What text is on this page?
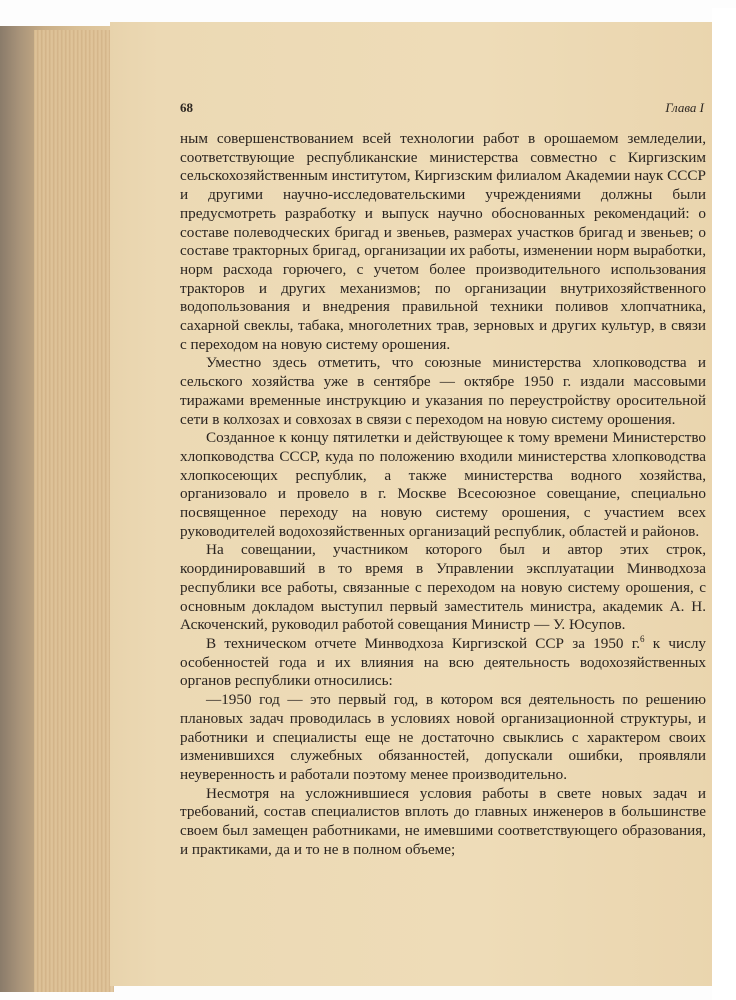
68	Глава I

ным совершенствованием всей технологии работ в орошаемом земледелии, соответствующие республиканские министерства совместно с Киргизским сельскохозяйственным институтом, Киргизским филиалом Академии наук СССР и другими научно-исследовательскими учреждениями должны были предусмотреть разработку и выпуск научно обоснованных рекомендаций: о составе полеводческих бригад и звеньев, размерах участков бригад и звеньев; о составе тракторных бригад, организации их работы, изменении норм выработки, норм расхода горючего, с учетом более производительного использования тракторов и других механизмов; по организации внутрихозяйственного водопользования и внедрения правильной техники поливов хлопчатника, сахарной свеклы, табака, многолетних трав, зерновых и других культур, в связи с переходом на новую систему орошения.

Уместно здесь отметить, что союзные министерства хлопководства и сельского хозяйства уже в сентябре — октябре 1950 г. издали массовыми тиражами временные инструкцию и указания по переустройству оросительной сети в колхозах и совхозах в связи с переходом на новую систему орошения.

Созданное к концу пятилетки и действующее к тому времени Министерство хлопководства СССР, куда по положению входили министерства хлопководства хлопкосеющих республик, а также министерства водного хозяйства, организовало и провело в г. Москве Всесоюзное совещание, специально посвященное переходу на новую систему орошения, с участием всех руководителей водохозяйственных организаций республик, областей и районов.

На совещании, участником которого был и автор этих строк, координировавший в то время в Управлении эксплуатации Минводхоза республики все работы, связанные с переходом на новую систему орошения, с основным докладом выступил первый заместитель министра, академик А. Н. Аскоченский, руководил работой совещания Министр — У. Юсупов.

В техническом отчете Минводхоза Киргизской ССР за 1950 г.$^6$ к числу особенностей года и их влияния на всю деятельность водохозяйственных органов республики относились:

—1950 год — это первый год, в котором вся деятельность по решению плановых задач проводилась в условиях новой организационной структуры, и работники и специалисты еще не достаточно свыклись с характером своих изменившихся служебных обязанностей, допускали ошибки, проявляли неуверенность и работали поэтому менее производительно.

Несмотря на усложнившиеся условия работы в свете новых задач и требований, состав специалистов вплоть до главных инженеров в большинстве своем был замещен работниками, не имевшими соответствующего образования, и практиками, да и то не в полном объеме;
